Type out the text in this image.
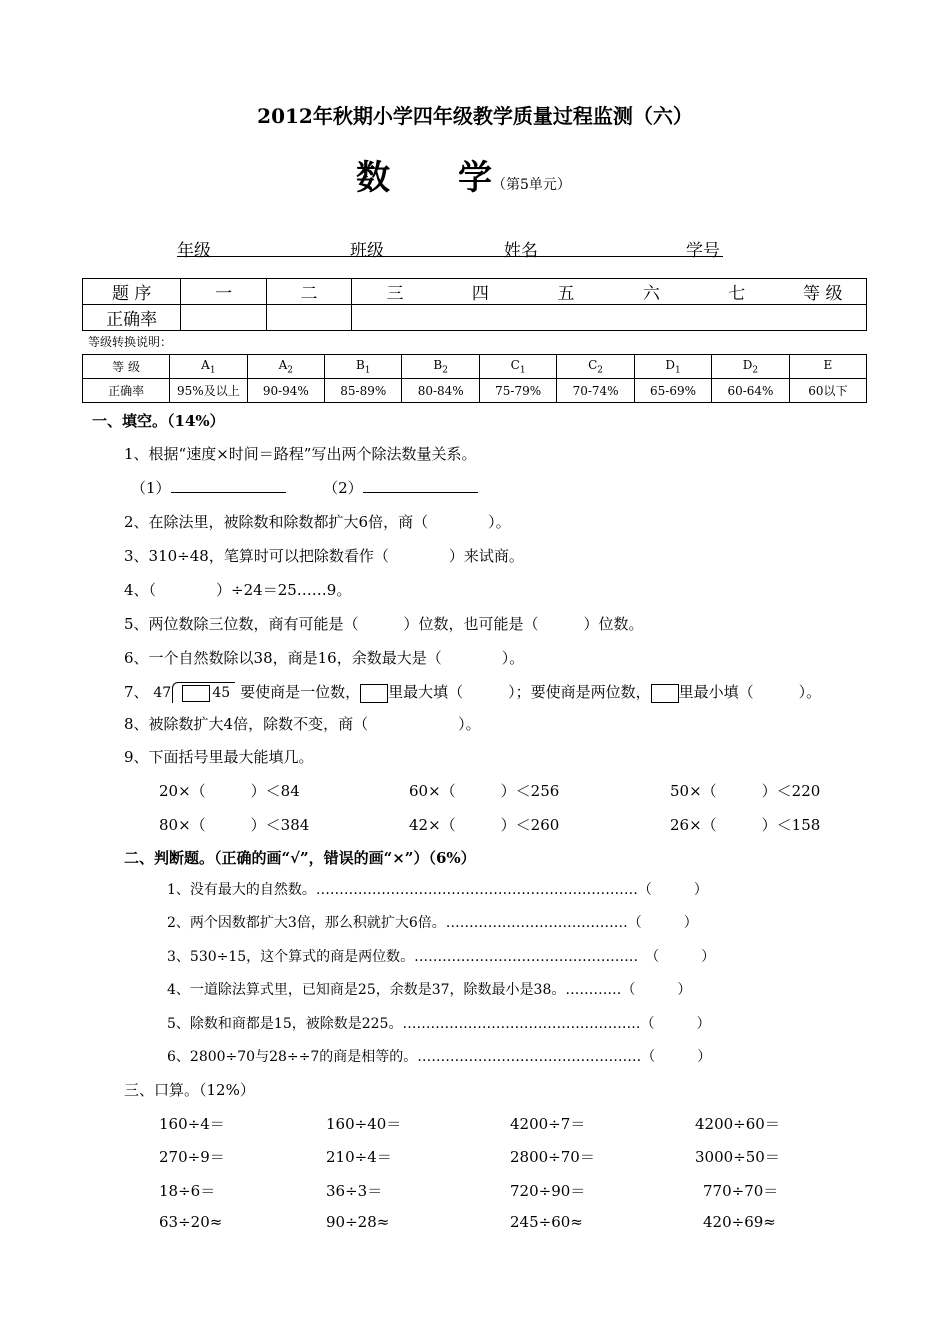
2012年秋期小学四年级教学质量过程监测（六）
数　　学（第5单元）
年级	班级	姓名	学号
题 序	一	二	三	四	五	六	七	等 级
正确率								
等级转换说明：
等 级	$A_1$	$A_2$	$B_1$	$B_2$	$C_1$	$C_2$	$D_1$	$D_2$	E
正确率	95%及以上	90-94%	85-89%	80-84%	75-79%	70-74%	65-69%	60-64%	60以下
一、填空。（14%）
1、根据“速度×时间＝路程”写出两个除法数量关系。
（1）	（2）
2、在除法里，被除数和除数都扩大6倍，商（　　　　）。
3、310÷48，笔算时可以把除数看作（　　　　）来试商。
4、（　　　　）÷24＝25……9。
5、两位数除三位数，商有可能是（　　　）位数，也可能是（　　　）位数。
6、一个自然数除以38，商是16，余数最大是（　　　　）。
7、 47	45 要使商是一位数， 里最大填（　　　）；要使商是两位数， 里最小填（　　　）。
8、被除数扩大4倍，除数不变，商（　　　　　　）。
9、下面括号里最大能填几。
20×（　　　）＜84	60×（　　　）＜256	50×（　　　）＜220
80×（　　　）＜384	42×（　　　）＜260	26×（　　　）＜158
二、判断题。（正确的画“√”，错误的画“×”）（6%）
1、没有最大的自然数。……………………………………………………………（　　　）
2、两个因数都扩大3倍，那么积就扩大6倍。…………………………………（　　　）
3、530÷15，这个算式的商是两位数。…………………………………………　（　　　）
4、一道除法算式里，已知商是25，余数是37，除数最小是38。…………（　　　）
5、除数和商都是15，被除数是225。……………………………………………（　　　）
6、2800÷70与28÷÷7的商是相等的。…………………………………………（　　　）
三、口算。（12%）
160÷4＝	160÷40＝	4200÷7＝	4200÷60＝
270÷9＝	210÷4＝	2800÷70＝	3000÷50＝
18÷6＝	36÷3＝	720÷90＝	770÷70＝
63÷20≈	90÷28≈	245÷60≈	420÷69≈
